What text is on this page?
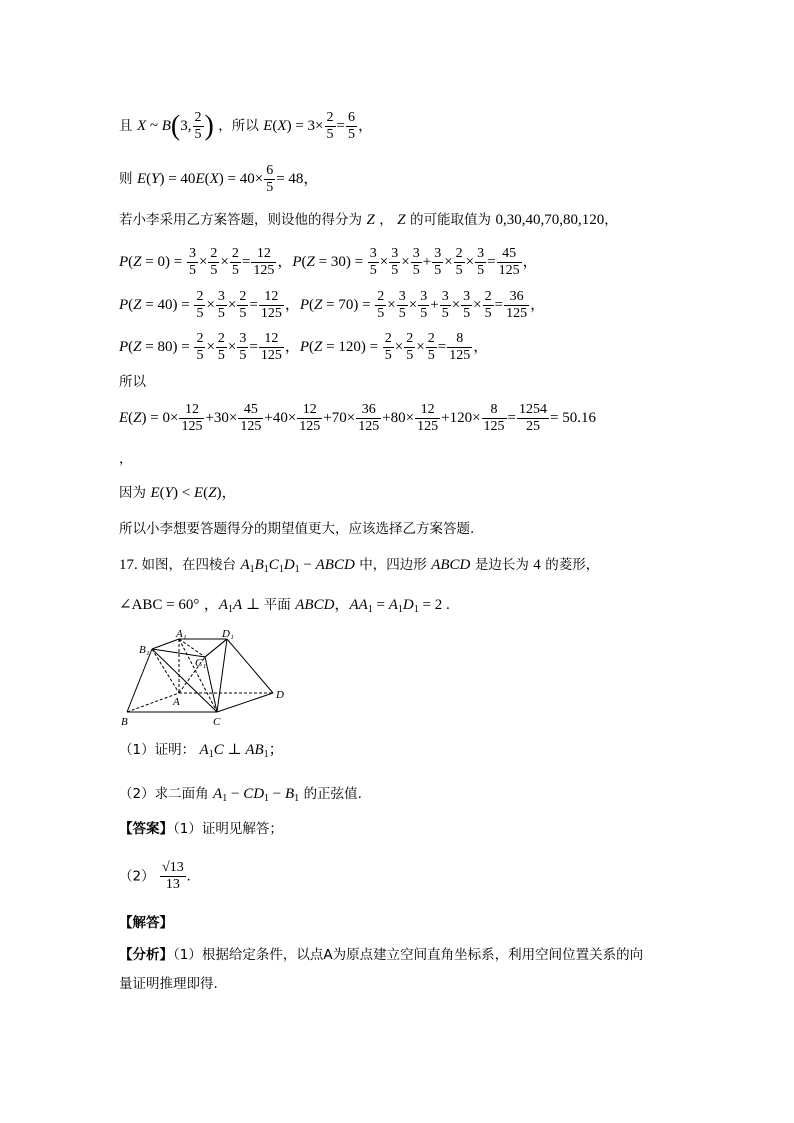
且 X ~ B(3, $\frac{2}{5}$ ) ，所以 $E(X) = 3\times \frac{2}{5} = \frac{6}{5}$ ，
则 $E(Y) = 40E(X) = 40\times \frac{6}{5} = 48$，
若小李采用乙方案答题，则设他的得分为 Z ， Z 的可能取值为 0,30,40,70,80,120，
$P(Z = 0) = \frac{3}{5} \times \frac{2}{5} \times \frac{2}{5} = \frac{12}{125}$ ，$P(Z = 30) = \frac{3}{5} \times \frac{3}{5} \times \frac{3}{5} + \frac{3}{5} \times \frac{2}{5} \times \frac{3}{5} = \frac{45}{125}$ ，
$P(Z = 40) = \frac{2}{5} \times \frac{3}{5} \times \frac{2}{5} = \frac{12}{125}$ ，$P(Z = 70) = \frac{2}{5} \times \frac{3}{5} \times \frac{3}{5} + \frac{3}{5} \times \frac{3}{5} \times \frac{2}{5} = \frac{36}{125}$ ，
$P(Z = 80) = \frac{2}{5} \times \frac{2}{5} \times \frac{3}{5} = \frac{12}{125}$ ，$P(Z = 120) = \frac{2}{5} \times \frac{2}{5} \times \frac{2}{5} = \frac{8}{125}$ ，
所以
$E(Z) = 0\times \frac{12}{125} +30\times \frac{45}{125} +40\times \frac{12}{125} +70\times \frac{36}{125} +80\times \frac{12}{125} +120\times \frac{8}{125} = \frac{1254}{25} = 50.16$
，
因为 E(Y) < E(Z)，
所以小李想要答题得分的期望值更大，应该选择乙方案答题.
17. 如图，在四棱台 $A_1B_1C_1D_1$ − ABCD 中，四边形 ABCD 是边长为 4 的菱形，
∠ABC = 60° ，$A_1A$ ⊥ 平面 ABCD，$AA_1 = A_1D_1 = 2$ .
A₁	D₁
B₁
C₁
A
D
B	C
（1）证明： $A_1C$ ⊥ $AB_1$；
（2）求二面角 $A_1 - CD_1 - B_1$ 的正弦值.
【答案】（1）证明见解答；
$(2) \frac{√13}{13}$ .
【解答】
【分析】（1）根据给定条件，以点A为原点建立空间直角坐标系，利用空间位置关系的向
量证明推理即得.
